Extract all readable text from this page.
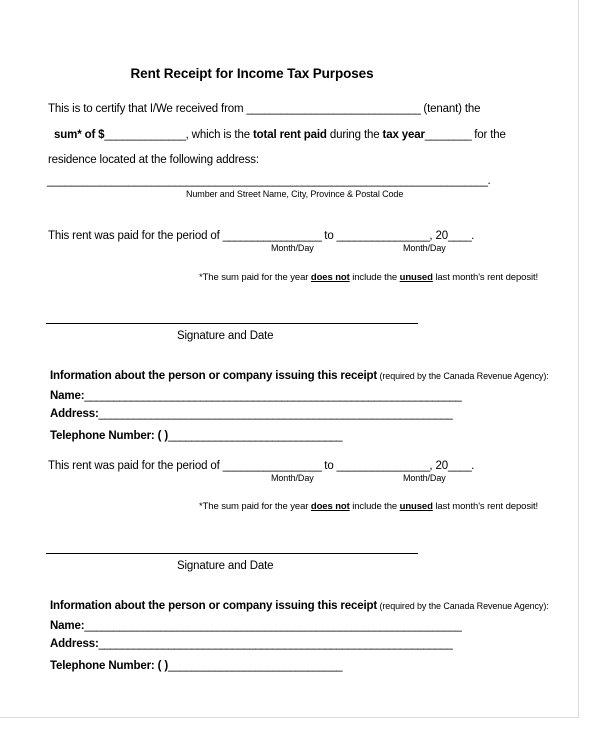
Rent Receipt for Income Tax Purposes
This is to certify that I/We received from ______________________________ (tenant) the
sum* of $______________, which is the total rent paid during the tax year________ for the
residence located at the following address:
____________________________________________________________________________.
Number and Street Name, City, Province & Postal Code
This rent was paid for the period of _________________ to ________________, 20____.
Month/Day	Month/Day
*The sum paid for the year does not include the unused last month's rent deposit!
Signature and Date
Information about the person or company issuing this receipt (required by the Canada Revenue Agency):
Name:_________________________________________________________________
Address:_____________________________________________________________
Telephone Number: ( )______________________________
This rent was paid for the period of _________________ to ________________, 20____.
Month/Day	Month/Day
*The sum paid for the year does not include the unused last month's rent deposit!
Signature and Date
Information about the person or company issuing this receipt (required by the Canada Revenue Agency):
Name:_________________________________________________________________
Address:_____________________________________________________________
Telephone Number: ( )______________________________
